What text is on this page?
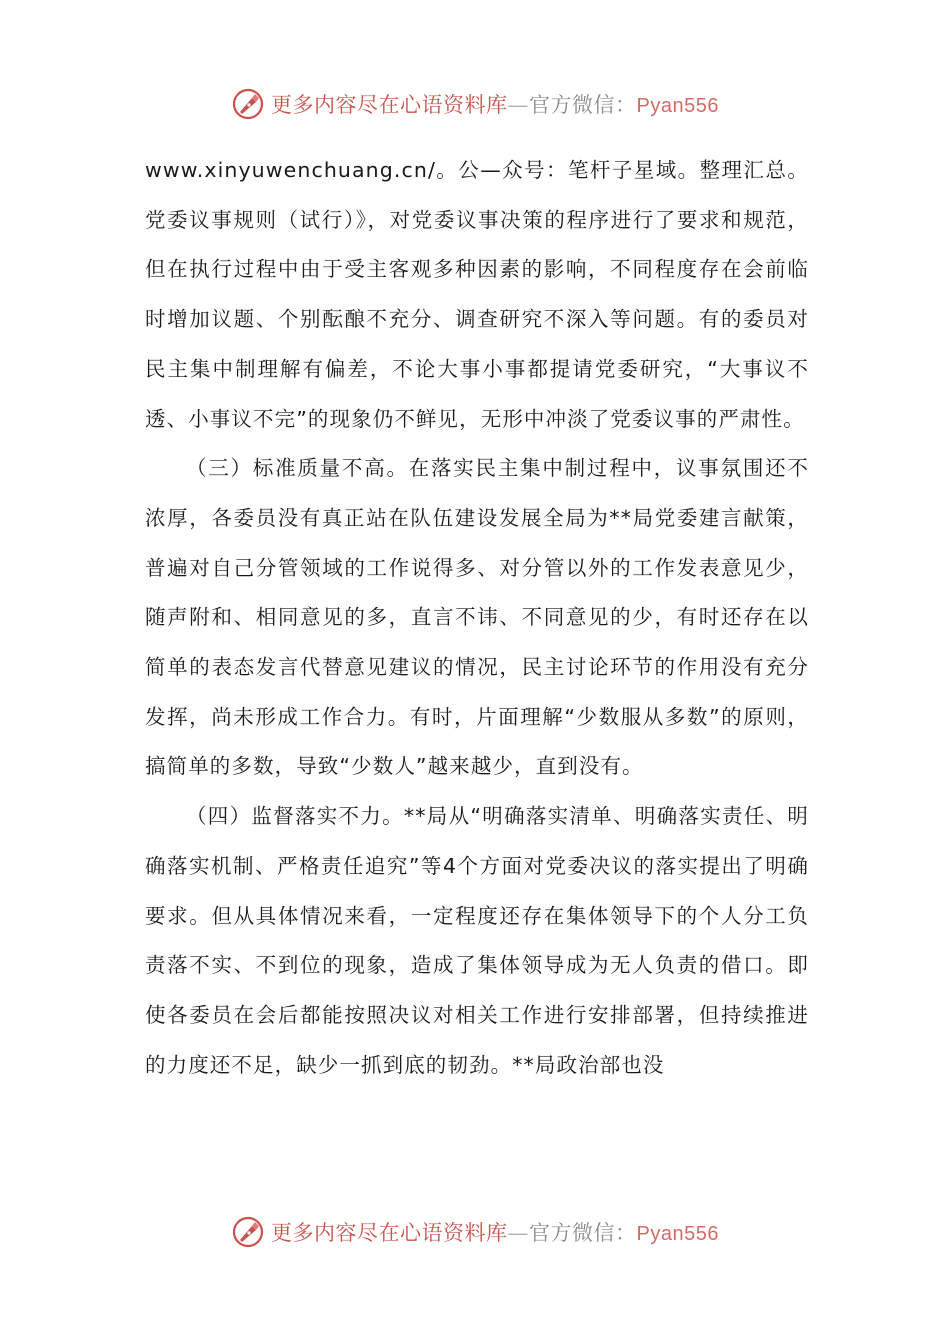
更多内容尽在心语资料库—官方微信：Pyan556

www.xinyuwenchuang.cn/。公—众号：笔杆子星域。整理汇总。党委议事规则（试行）》，对党委议事决策的程序进行了要求和规范，但在执行过程中由于受主客观多种因素的影响，不同程度存在会前临时增加议题、个别酝酿不充分、调查研究不深入等问题。有的委员对民主集中制理解有偏差，不论大事小事都提请党委研究，“大事议不透、小事议不完”的现象仍不鲜见，无形中冲淡了党委议事的严肃性。

（三）标准质量不高。在落实民主集中制过程中，议事氛围还不浓厚，各委员没有真正站在队伍建设发展全局为**局党委建言献策，普遍对自己分管领域的工作说得多、对分管以外的工作发表意见少，随声附和、相同意见的多，直言不讳、不同意见的少，有时还存在以简单的表态发言代替意见建议的情况，民主讨论环节的作用没有充分发挥，尚未形成工作合力。有时，片面理解“少数服从多数”的原则，搞简单的多数，导致“少数人”越来越少，直到没有。

（四）监督落实不力。**局从“明确落实清单、明确落实责任、明确落实机制、严格责任追究”等4个方面对党委决议的落实提出了明确要求。但从具体情况来看，一定程度还存在集体领导下的个人分工负责落不实、不到位的现象，造成了集体领导成为无人负责的借口。即使各委员在会后都能按照决议对相关工作进行安排部署，但持续推进的力度还不足，缺少一抓到底的韧劲。**局政治部也没

更多内容尽在心语资料库—官方微信：Pyan556
